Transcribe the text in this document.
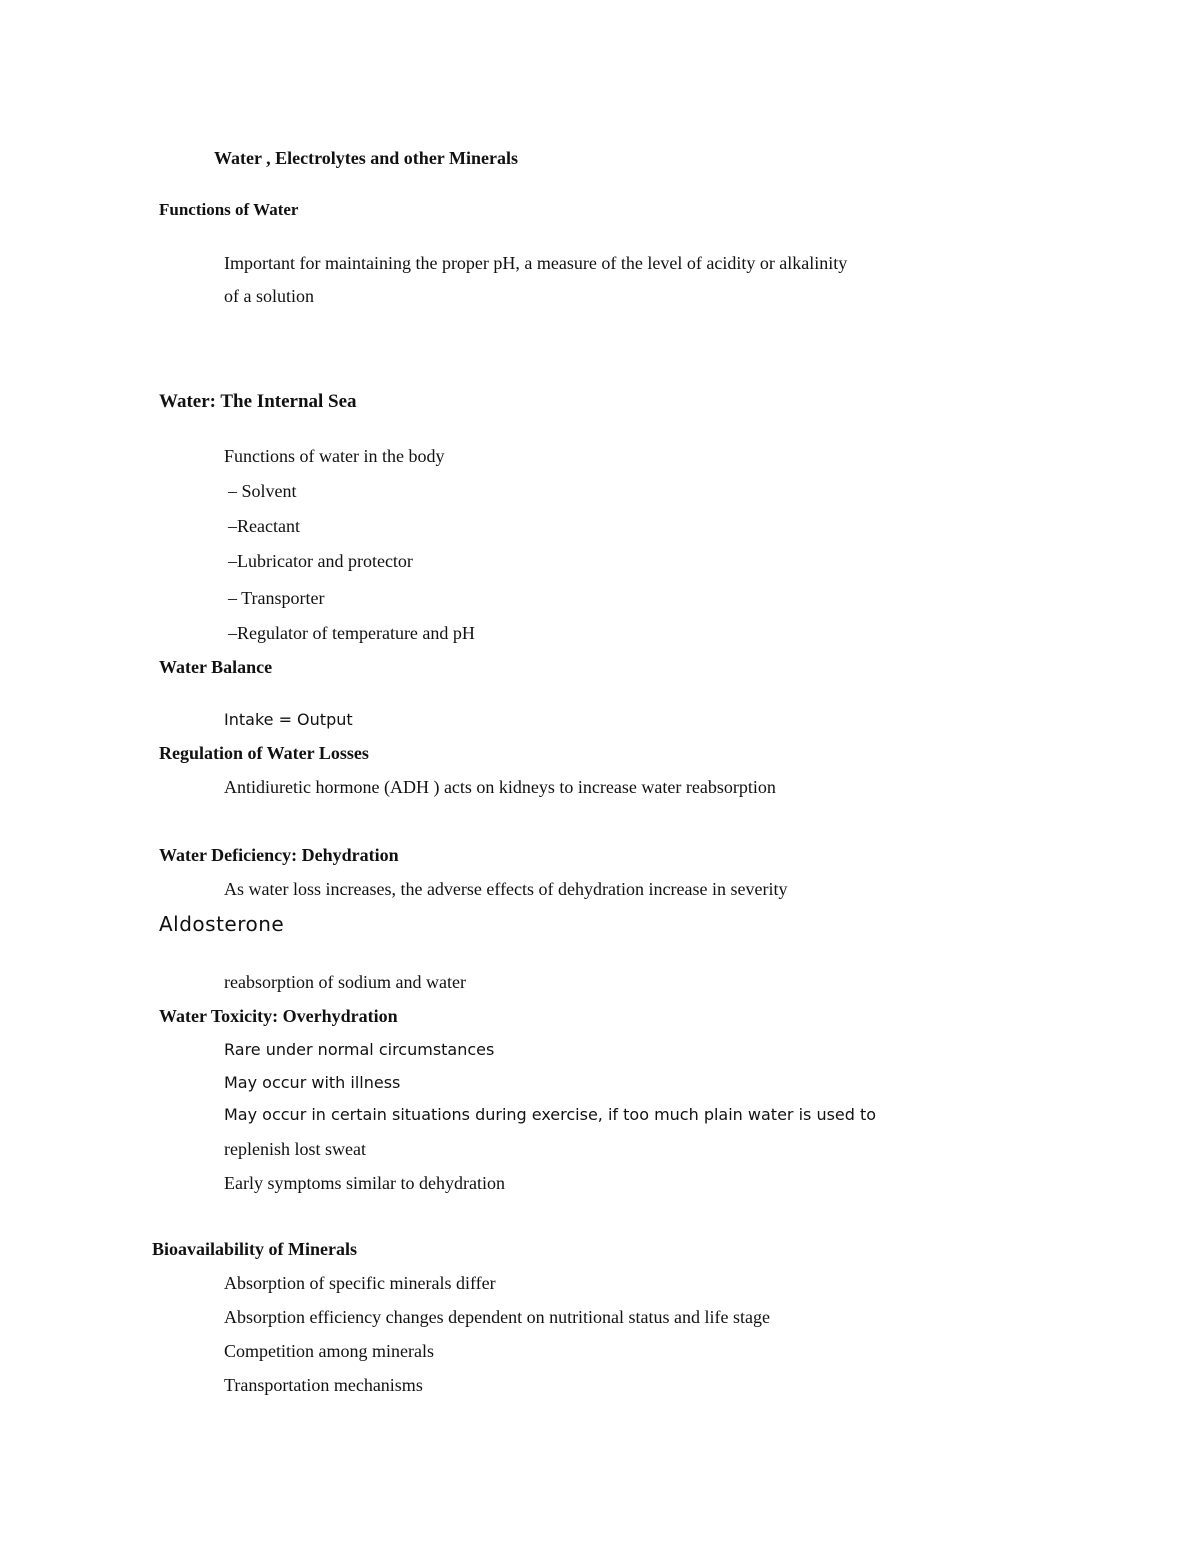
Water , Electrolytes and other Minerals
Functions of Water
Important for maintaining the proper pH, a measure of the level of acidity or alkalinity
of a solution
Water: The Internal Sea
Functions of water in the body
– Solvent
–Reactant
–Lubricator and protector
– Transporter
–Regulator of temperature and pH
Water Balance
Intake = Output
Regulation of Water Losses
Antidiuretic hormone (ADH ) acts on kidneys to increase water reabsorption
Water Deficiency: Dehydration
As water loss increases, the adverse effects of dehydration increase in severity
Aldosterone
reabsorption of sodium and water
Water Toxicity: Overhydration
Rare under normal circumstances
May occur with illness
May occur in certain situations during exercise, if too much plain water is used to
replenish lost sweat
Early symptoms similar to dehydration
Bioavailability of Minerals
Absorption of specific minerals differ
Absorption efficiency changes dependent on nutritional status and life stage
Competition among minerals
Transportation mechanisms
